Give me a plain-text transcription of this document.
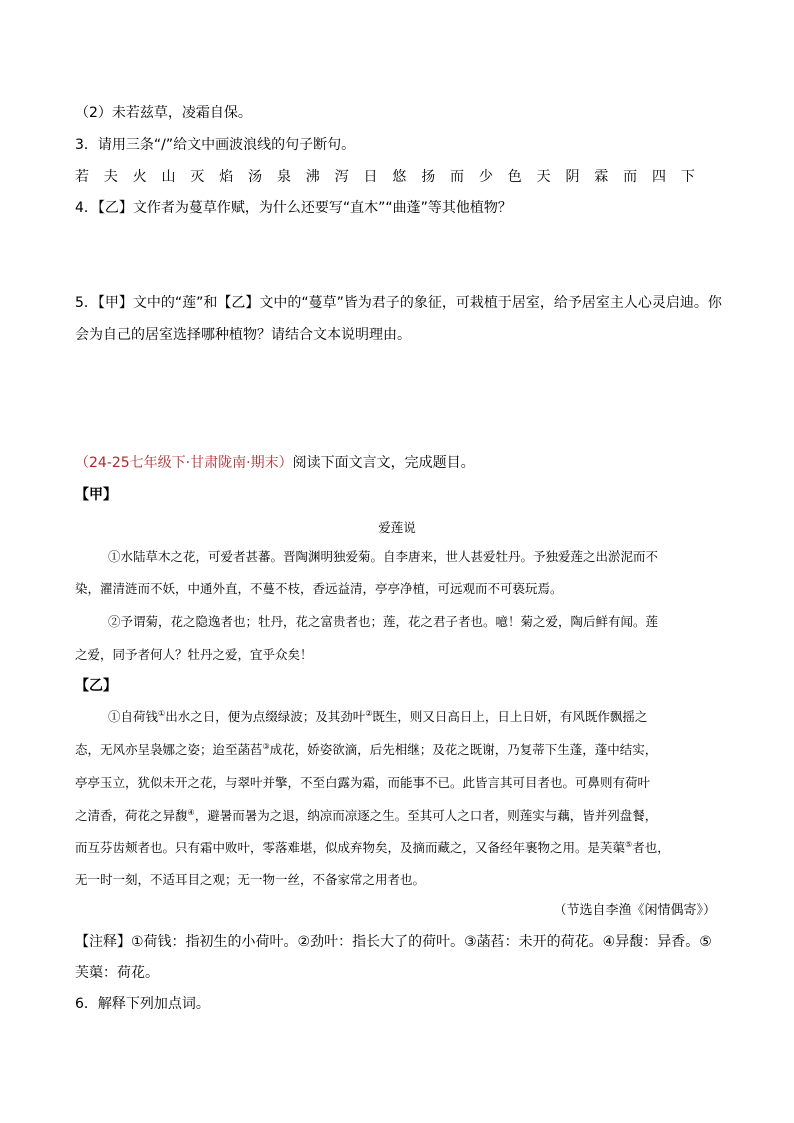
（2）未若兹草，凌霜自保。
3．请用三条“/”给文中画波浪线的句子断句。
若 夫 火 山 灭 焰 汤 泉 沸 泻 日 悠 扬 而 少 色 天 阴 霖 而 四 下
4．【乙】文作者为蔓草作赋，为什么还要写“直木”“曲蓬”等其他植物？
5．【甲】文中的“莲”和【乙】文中的“蔓草”皆为君子的象征，可栽植于居室，给予居室主人心灵启迪。你
会为自己的居室选择哪种植物？请结合文本说明理由。
（24-25七年级下·甘肃陇南·期末）阅读下面文言文，完成题目。
【甲】
爱莲说
①水陆草木之花，可爱者甚蕃。晋陶渊明独爱菊。自李唐来，世人甚爱牡丹。予独爱莲之出淤泥而不
染，濯清涟而不妖，中通外直，不蔓不枝，香远益清，亭亭净植，可远观而不可亵玩焉。
②予谓菊，花之隐逸者也；牡丹，花之富贵者也；莲，花之君子者也。噫！菊之爱，陶后鲜有闻。莲
之爱，同予者何人？牡丹之爱，宜乎众矣！
【乙】
①自荷钱①出水之日，便为点缀绿波；及其劲叶②既生，则又日高日上，日上日妍，有风既作飘摇之
态，无风亦呈袅娜之姿；迨至菡萏③成花，娇姿欲滴，后先相继；及花之既谢，乃复蒂下生蓬，蓬中结实，
亭亭玉立，犹似未开之花，与翠叶并擎，不至白露为霜，而能事不已。此皆言其可目者也。可鼻则有荷叶
之清香，荷花之异馥④，避暑而暑为之退，纳凉而凉逐之生。至其可人之口者，则莲实与藕，皆并列盘餐，
而互芬齿颊者也。只有霜中败叶，零落难堪，似成弃物矣，及摘而藏之，又备经年裹物之用。是芙蕖⑤者也，
无一时一刻，不适耳目之观；无一物一丝，不备家常之用者也。
（节选自李渔《闲情偶寄》）
【注释】①荷钱：指初生的小荷叶。②劲叶：指长大了的荷叶。③菡萏：未开的荷花。④异馥：异香。⑤
芙蕖：荷花。
6．解释下列加点词。
